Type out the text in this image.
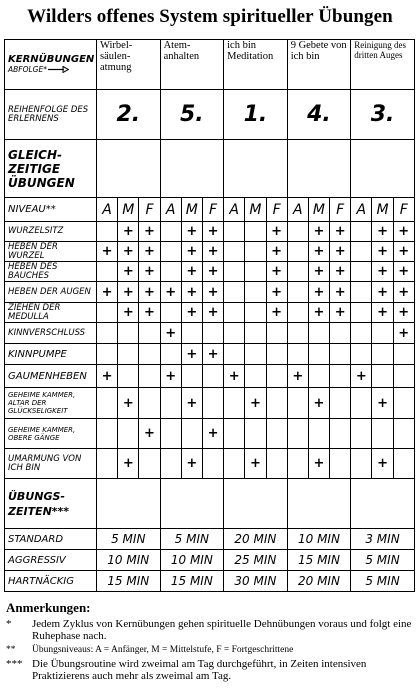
Wilders offenes System spiritueller Übungen
KERNÜBUNGEN
ABFOLGE*	Wirbel-säulen-atmung			Atem-anhalten			ich bin Meditation			9 Gebete von ich bin			Reinigung des dritten Auges		
REIHENFOLGE DES ERLERNENS	2.			5.			1.			4.			3.		
GLEICH-ZEITIGE ÜBUNGEN															
NIVEAU**	A	M	F	A	M	F	A	M	F	A	M	F	A	M	F
WURZELSITZ		+	+		+	+			+		+	+		+	+
HEBEN DER WURZEL	+	+	+		+	+			+		+	+		+	+
HEBEN DES BAUCHES		+	+		+	+			+		+	+		+	+
HEBEN DER AUGEN	+	+	+	+	+	+			+		+	+		+	+
ZIEHEN DER MEDULLA		+	+		+	+			+		+	+		+	+
KINNVERSCHLUSS				+											+
KINNPUMPE					+	+									
GAUMENHEBEN	+			+			+			+			+		
GEHEIME KAMMER, ALTAR DER GLÜCKSELIGKEIT		+			+			+			+			+	
GEHEIME KAMMER, OBERE GÄNGE			+			+									
UMARMUNG VON ICH BIN		+			+			+			+			+	
ÜBUNGS-ZEITEN***															
STANDARD	5 MIN			5 MIN			20 MIN			10 MIN			3 MIN		
AGGRESSIV	10 MIN			10 MIN			25 MIN			15 MIN			5 MIN		
HARTNÄCKIG	15 MIN			15 MIN			30 MIN			20 MIN			5 MIN		
Anmerkungen:
*	Jedem Zyklus von Kernübungen gehen spirituelle Dehnübungen voraus und folgt eine Ruhephase nach.
**	Übungsniveaus: A = Anfänger, M = Mittelstufe, F = Fortgeschrittene
*** Die Übungsroutine wird zweimal am Tag durchgeführt, in Zeiten intensiven Praktizierens auch mehr als zweimal am Tag.
